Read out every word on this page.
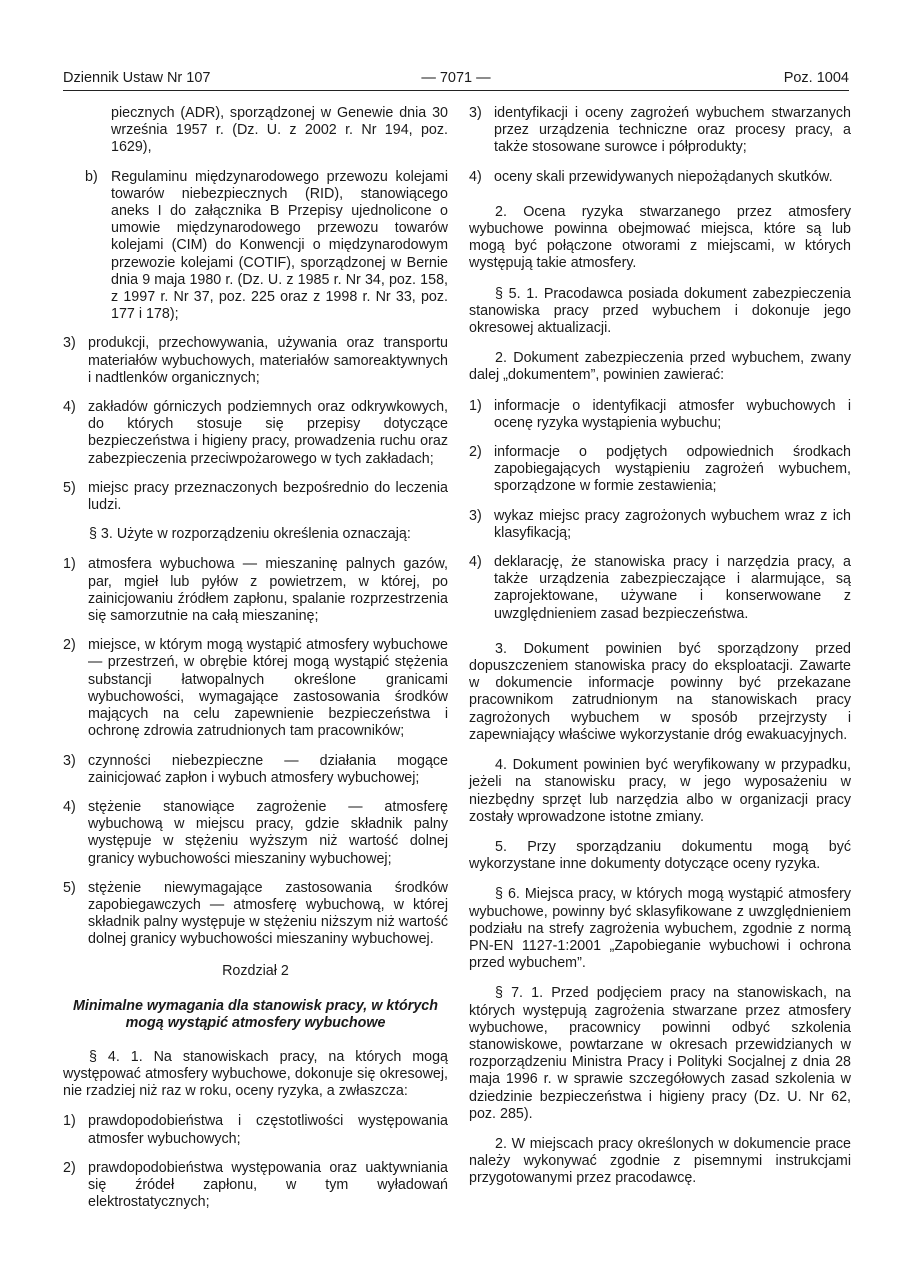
Dziennik Ustaw Nr 107	— 7071 —	Poz. 1004
piecznych (ADR), sporządzonej w Genewie dnia 30 września 1957 r. (Dz. U. z 2002 r. Nr 194, poz. 1629),
b) Regulaminu międzynarodowego przewozu kolejami towarów niebezpiecznych (RID), stanowiącego aneks I do załącznika B Przepisy ujednolicone o umowie międzynarodowego przewozu towarów kolejami (CIM) do Konwencji o międzynarodowym przewozie kolejami (COTIF), sporządzonej w Bernie dnia 9 maja 1980 r. (Dz. U. z 1985 r. Nr 34, poz. 158, z 1997 r. Nr 37, poz. 225 oraz z 1998 r. Nr 33, poz. 177 i 178);
3) produkcji, przechowywania, używania oraz transportu materiałów wybuchowych, materiałów samoreaktywnych i nadtlenków organicznych;
4) zakładów górniczych podziemnych oraz odkrywkowych, do których stosuje się przepisy dotyczące bezpieczeństwa i higieny pracy, prowadzenia ruchu oraz zabezpieczenia przeciwpożarowego w tych zakładach;
5) miejsc pracy przeznaczonych bezpośrednio do leczenia ludzi.

§ 3. Użyte w rozporządzeniu określenia oznaczają:

1) atmosfera wybuchowa — mieszaninę palnych gazów, par, mgieł lub pyłów z powietrzem, w której, po zainicjowaniu źródłem zapłonu, spalanie rozprzestrzenia się samorzutnie na całą mieszaninę;
2) miejsce, w którym mogą wystąpić atmosfery wybuchowe — przestrzeń, w obrębie której mogą wystąpić stężenia substancji łatwopalnych określone granicami wybuchowości, wymagające zastosowania środków mających na celu zapewnienie bezpieczeństwa i ochronę zdrowia zatrudnionych tam pracowników;
3) czynności niebezpieczne — działania mogące zainicjować zapłon i wybuch atmosfery wybuchowej;
4) stężenie stanowiące zagrożenie — atmosferę wybuchową w miejscu pracy, gdzie składnik palny występuje w stężeniu wyższym niż wartość dolnej granicy wybuchowości mieszaniny wybuchowej;
5) stężenie niewymagające zastosowania środków zapobiegawczych — atmosferę wybuchową, w której składnik palny występuje w stężeniu niższym niż wartość dolnej granicy wybuchowości mieszaniny wybuchowej.
Rozdział 2
Minimalne wymagania dla stanowisk pracy, w których mogą wystąpić atmosfery wybuchowe

§ 4. 1. Na stanowiskach pracy, na których mogą występować atmosfery wybuchowe, dokonuje się okresowej, nie rzadziej niż raz w roku, oceny ryzyka, a zwłaszcza:

1) prawdopodobieństwa i częstotliwości występowania atmosfer wybuchowych;
2) prawdopodobieństwa występowania oraz uaktywniania się źródeł zapłonu, w tym wyładowań elektrostatycznych;
3) identyfikacji i oceny zagrożeń wybuchem stwarzanych przez urządzenia techniczne oraz procesy pracy, a także stosowane surowce i półprodukty;
4) oceny skali przewidywanych niepożądanych skutków.

2. Ocena ryzyka stwarzanego przez atmosfery wybuchowe powinna obejmować miejsca, które są lub mogą być połączone otworami z miejscami, w których występują takie atmosfery.

§ 5. 1. Pracodawca posiada dokument zabezpieczenia stanowiska pracy przed wybuchem i dokonuje jego okresowej aktualizacji.

2. Dokument zabezpieczenia przed wybuchem, zwany dalej „dokumentem”, powinien zawierać:

1) informacje o identyfikacji atmosfer wybuchowych i ocenę ryzyka wystąpienia wybuchu;
2) informacje o podjętych odpowiednich środkach zapobiegających wystąpieniu zagrożeń wybuchem, sporządzone w formie zestawienia;
3) wykaz miejsc pracy zagrożonych wybuchem wraz z ich klasyfikacją;
4) deklarację, że stanowiska pracy i narzędzia pracy, a także urządzenia zabezpieczające i alarmujące, są zaprojektowane, używane i konserwowane z uwzględnieniem zasad bezpieczeństwa.

3. Dokument powinien być sporządzony przed dopuszczeniem stanowiska pracy do eksploatacji. Zawarte w dokumencie informacje powinny być przekazane pracownikom zatrudnionym na stanowiskach pracy zagrożonych wybuchem w sposób przejrzysty i zapewniający właściwe wykorzystanie dróg ewakuacyjnych.

4. Dokument powinien być weryfikowany w przypadku, jeżeli na stanowisku pracy, w jego wyposażeniu w niezbędny sprzęt lub narzędzia albo w organizacji pracy zostały wprowadzone istotne zmiany.

5. Przy sporządzaniu dokumentu mogą być wykorzystane inne dokumenty dotyczące oceny ryzyka.

§ 6. Miejsca pracy, w których mogą wystąpić atmosfery wybuchowe, powinny być sklasyfikowane z uwzględnieniem podziału na strefy zagrożenia wybuchem, zgodnie z normą PN-EN 1127-1:2001 „Zapobieganie wybuchowi i ochrona przed wybuchem”.

§ 7. 1. Przed podjęciem pracy na stanowiskach, na których występują zagrożenia stwarzane przez atmosfery wybuchowe, pracownicy powinni odbyć szkolenia stanowiskowe, powtarzane w okresach przewidzianych w rozporządzeniu Ministra Pracy i Polityki Socjalnej z dnia 28 maja 1996 r. w sprawie szczegółowych zasad szkolenia w dziedzinie bezpieczeństwa i higieny pracy (Dz. U. Nr 62, poz. 285).

2. W miejscach pracy określonych w dokumencie prace należy wykonywać zgodnie z pisemnymi instrukcjami przygotowanymi przez pracodawcę.
